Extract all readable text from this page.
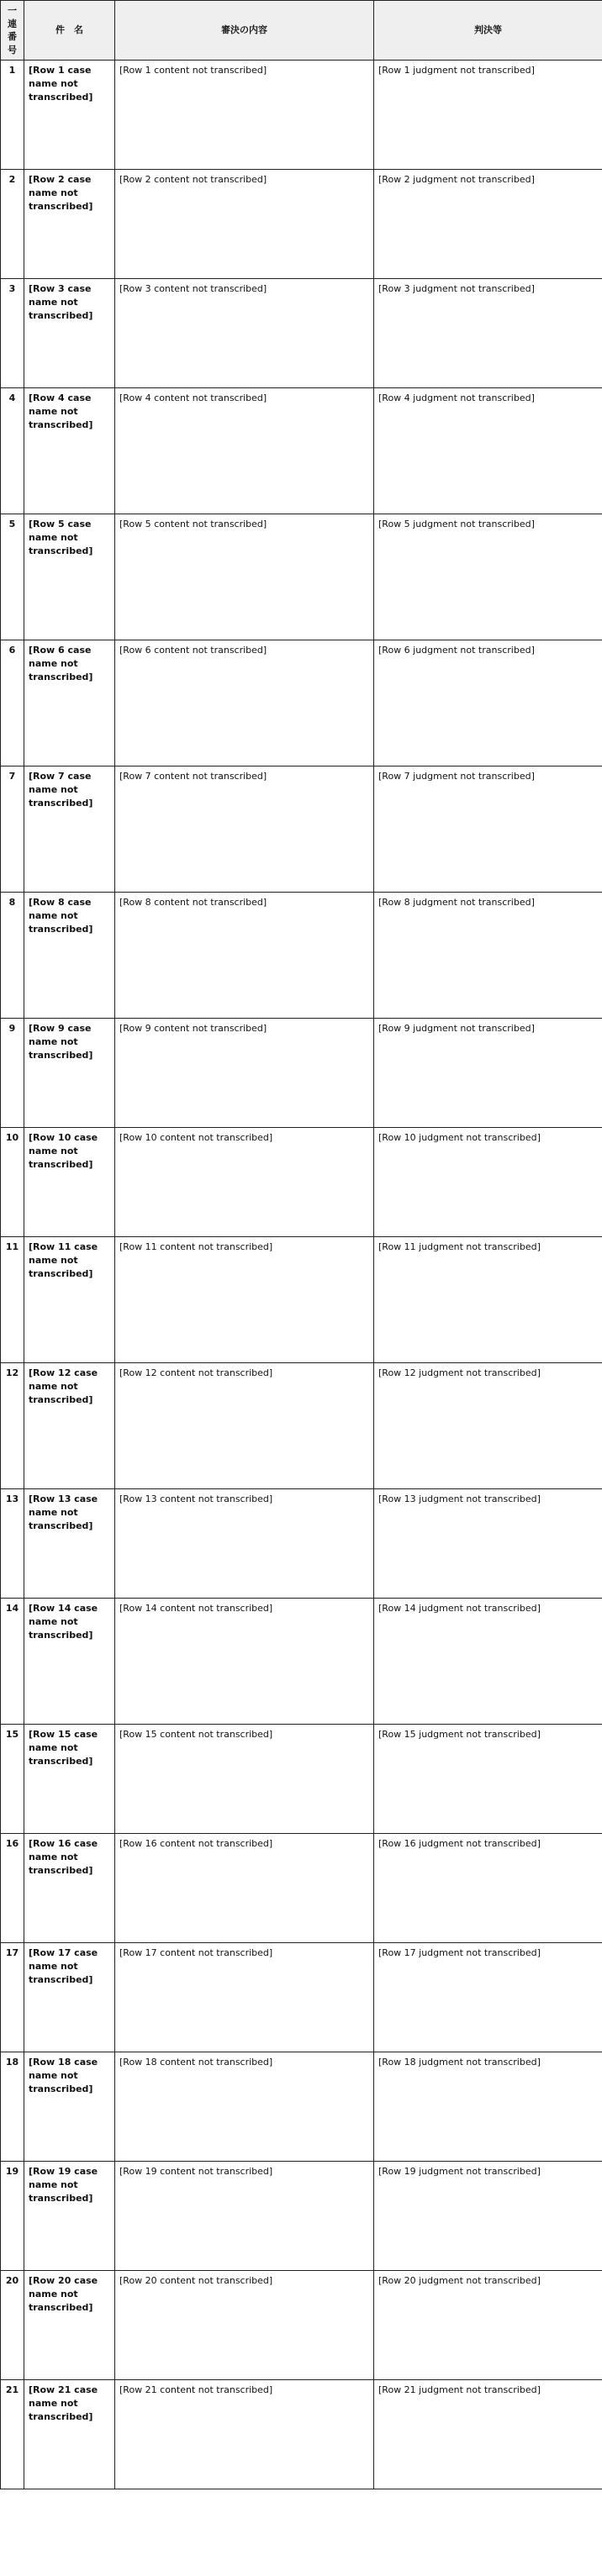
一連
番号	件　名	審決の内容	判決等
1	[Row 1 case name not transcribed]	[Row 1 content not transcribed]	[Row 1 judgment not transcribed]
2	[Row 2 case name not transcribed]	[Row 2 content not transcribed]	[Row 2 judgment not transcribed]
3	[Row 3 case name not transcribed]	[Row 3 content not transcribed]	[Row 3 judgment not transcribed]
4	[Row 4 case name not transcribed]	[Row 4 content not transcribed]	[Row 4 judgment not transcribed]
5	[Row 5 case name not transcribed]	[Row 5 content not transcribed]	[Row 5 judgment not transcribed]
6	[Row 6 case name not transcribed]	[Row 6 content not transcribed]	[Row 6 judgment not transcribed]
7	[Row 7 case name not transcribed]	[Row 7 content not transcribed]	[Row 7 judgment not transcribed]
8	[Row 8 case name not transcribed]	[Row 8 content not transcribed]	[Row 8 judgment not transcribed]
9	[Row 9 case name not transcribed]	[Row 9 content not transcribed]	[Row 9 judgment not transcribed]
10	[Row 10 case name not transcribed]	[Row 10 content not transcribed]	[Row 10 judgment not transcribed]
11	[Row 11 case name not transcribed]	[Row 11 content not transcribed]	[Row 11 judgment not transcribed]
12	[Row 12 case name not transcribed]	[Row 12 content not transcribed]	[Row 12 judgment not transcribed]
13	[Row 13 case name not transcribed]	[Row 13 content not transcribed]	[Row 13 judgment not transcribed]
14	[Row 14 case name not transcribed]	[Row 14 content not transcribed]	[Row 14 judgment not transcribed]
15	[Row 15 case name not transcribed]	[Row 15 content not transcribed]	[Row 15 judgment not transcribed]
16	[Row 16 case name not transcribed]	[Row 16 content not transcribed]	[Row 16 judgment not transcribed]
17	[Row 17 case name not transcribed]	[Row 17 content not transcribed]	[Row 17 judgment not transcribed]
18	[Row 18 case name not transcribed]	[Row 18 content not transcribed]	[Row 18 judgment not transcribed]
19	[Row 19 case name not transcribed]	[Row 19 content not transcribed]	[Row 19 judgment not transcribed]
20	[Row 20 case name not transcribed]	[Row 20 content not transcribed]	[Row 20 judgment not transcribed]
21	[Row 21 case name not transcribed]	[Row 21 content not transcribed]	[Row 21 judgment not transcribed]
